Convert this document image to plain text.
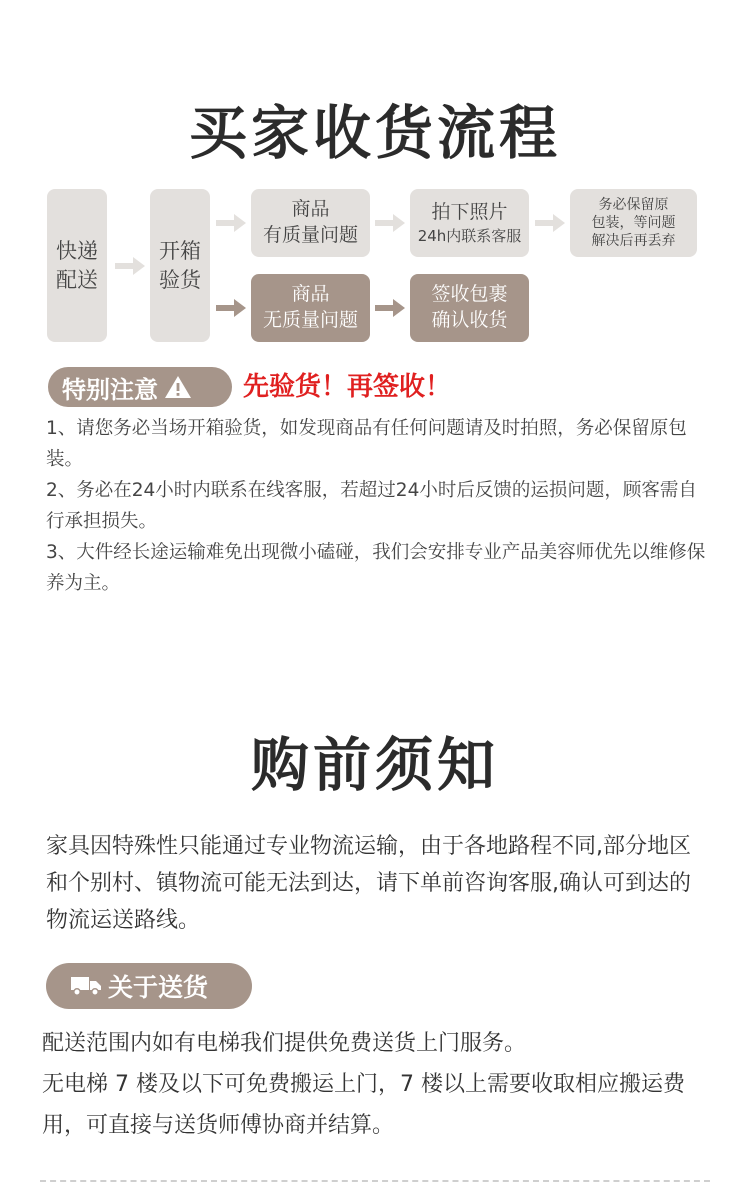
买家收货流程
快递
配送
开箱
验货
商品
有质量问题
拍下照片
24h内联系客服
务必保留原
包装，等问题
解决后再丢弃
商品
无质量问题
签收包裹
确认收货
特别注意	先验货！再签收！

1、请您务必当场开箱验货，如发现商品有任何问题请及时拍照，务必保留原包装。

2、务必在24小时内联系在线客服，若超过24小时后反馈的运损问题，顾客需自行承担损失。

3、大件经长途运输难免出现微小磕碰，我们会安排专业产品美容师优先以维修保养为主。

购前须知

家具因特殊性只能通过专业物流运输，由于各地路程不同,部分地区和个别村、镇物流可能无法到达，请下单前咨询客服,确认可到达的物流运送路线。

关于送货

配送范围内如有电梯我们提供免费送货上门服务。

无电梯 7 楼及以下可免费搬运上门，7 楼以上需要收取相应搬运费用，可直接与送货师傅协商并结算。
